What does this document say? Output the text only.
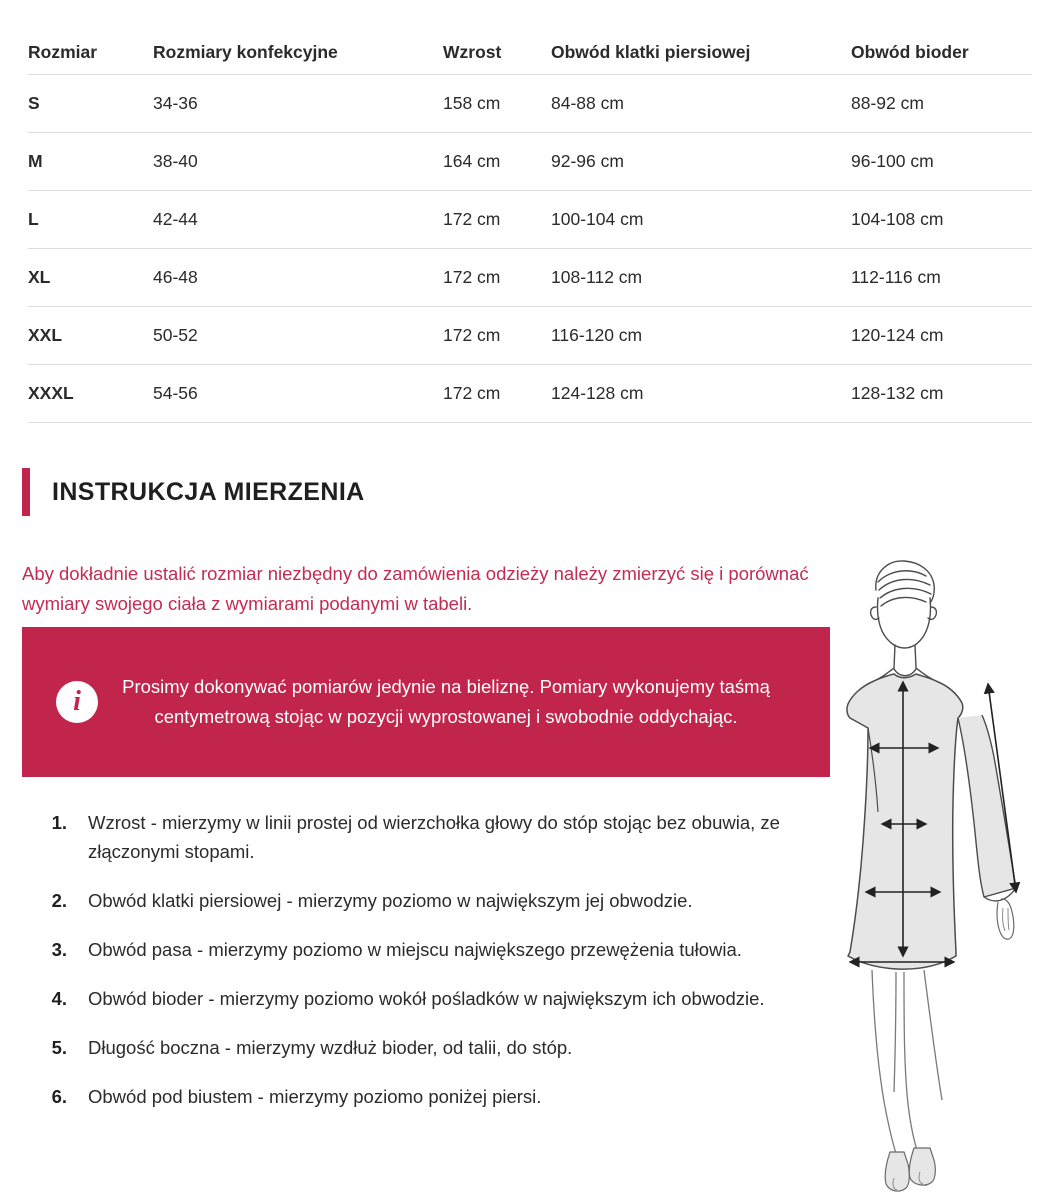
Rozmiar	Rozmiary konfekcyjne	Wzrost	Obwód klatki piersiowej	Obwód bioder
S	34-36	158 cm	84-88 cm	88-92 cm
M	38-40	164 cm	92-96 cm	96-100 cm
L	42-44	172 cm	100-104 cm	104-108 cm
XL	46-48	172 cm	108-112 cm	112-116 cm
XXL	50-52	172 cm	116-120 cm	120-124 cm
XXXL	54-56	172 cm	124-128 cm	128-132 cm
INSTRUKCJA MIERZENIA

Aby dokładnie ustalić rozmiar niezbędny do zamówienia odzieży należy zmierzyć się i porównać wymiary swojego ciała z wymiarami podanymi w tabeli.

i	Prosimy dokonywać pomiarów jedynie na bieliznę. Pomiary wykonujemy taśmą centymetrową stojąc w pozycji wyprostowanej i swobodnie oddychając.
1.	Wzrost - mierzymy w linii prostej od wierzchołka głowy do stóp stojąc bez obuwia, ze złączonymi stopami.
2.	Obwód klatki piersiowej - mierzymy poziomo w największym jej obwodzie.
3.	Obwód pasa - mierzymy poziomo w miejscu największego przewężenia tułowia.
4.	Obwód bioder - mierzymy poziomo wokół pośladków w największym ich obwodzie.
5.	Długość boczna - mierzymy wzdłuż bioder, od talii, do stóp.
6.	Obwód pod biustem - mierzymy poziomo poniżej piersi.
